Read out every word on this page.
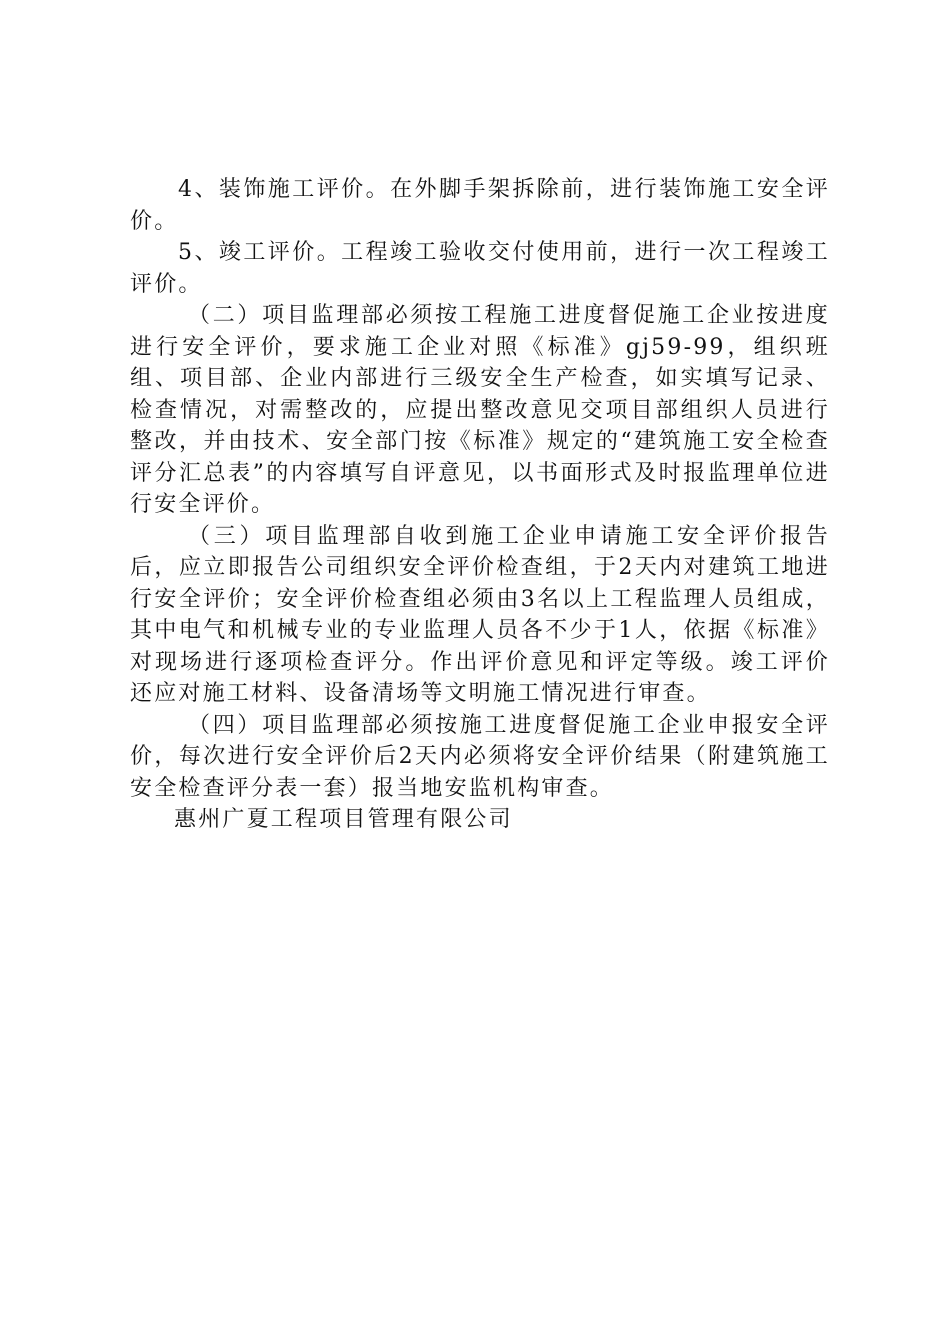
4、装饰施工评价。在外脚手架拆除前，进行装饰施工安全评价。

5、竣工评价。工程竣工验收交付使用前，进行一次工程竣工评价。

（二）项目监理部必须按工程施工进度督促施工企业按进度进行安全评价，要求施工企业对照《标准》gj59-99，组织班组、项目部、企业内部进行三级安全生产检查，如实填写记录、检查情况，对需整改的，应提出整改意见交项目部组织人员进行整改，并由技术、安全部门按《标准》规定的“建筑施工安全检查评分汇总表”的内容填写自评意见，以书面形式及时报监理单位进行安全评价。

（三）项目监理部自收到施工企业申请施工安全评价报告后，应立即报告公司组织安全评价检查组，于2天内对建筑工地进行安全评价；安全评价检查组必须由3名以上工程监理人员组成，其中电气和机械专业的专业监理人员各不少于1人，依据《标准》对现场进行逐项检查评分。作出评价意见和评定等级。竣工评价还应对施工材料、设备清场等文明施工情况进行审查。

（四）项目监理部必须按施工进度督促施工企业申报安全评价，每次进行安全评价后2天内必须将安全评价结果（附建筑施工安全检查评分表一套）报当地安监机构审查。

惠州广夏工程项目管理有限公司
